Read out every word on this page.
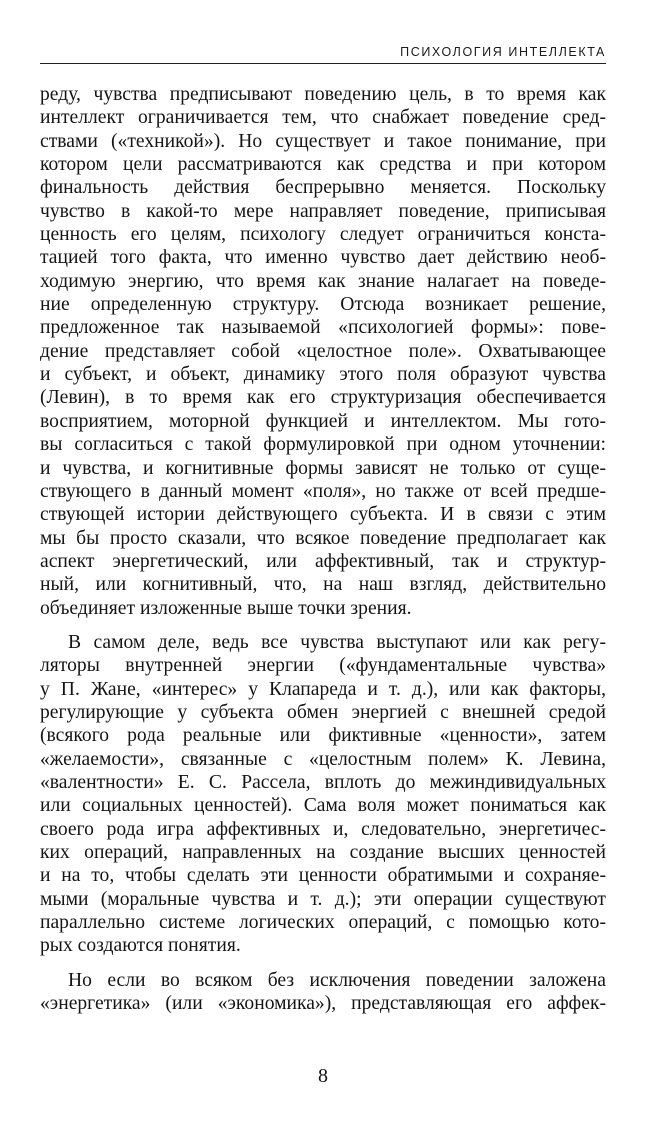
ПСИХОЛОГИЯ ИНТЕЛЛЕКТА
реду, чувства предписывают поведению цель, в то время как
интеллект ограничивается тем, что снабжает поведение сред-
ствами («техникой»). Но существует и такое понимание, при
котором цели рассматриваются как средства и при котором
финальность действия беспрерывно меняется. Поскольку
чувство в какой-то мере направляет поведение, приписывая
ценность его целям, психологу следует ограничиться конста-
тацией того факта, что именно чувство дает действию необ-
ходимую энергию, что время как знание налагает на поведе-
ние определенную структуру. Отсюда возникает решение,
предложенное так называемой «психологией формы»: пове-
дение представляет собой «целостное поле». Охватывающее
и субъект, и объект, динамику этого поля образуют чувства
(Левин), в то время как его структуризация обеспечивается
восприятием, моторной функцией и интеллектом. Мы гото-
вы согласиться с такой формулировкой при одном уточнении:
и чувства, и когнитивные формы зависят не только от суще-
ствующего в данный момент «поля», но также от всей предше-
ствующей истории действующего субъекта. И в связи с этим
мы бы просто сказали, что всякое поведение предполагает как
аспект энергетический, или аффективный, так и структур-
ный, или когнитивный, что, на наш взгляд, действительно
объединяет изложенные выше точки зрения.
В самом деле, ведь все чувства выступают или как регу-
ляторы внутренней энергии («фундаментальные чувства»
у П. Жане, «интерес» у Клапареда и т. д.), или как факторы,
регулирующие у субъекта обмен энергией с внешней средой
(всякого рода реальные или фиктивные «ценности», затем
«желаемости», связанные с «целостным полем» К. Левина,
«валентности» Е. С. Рассела, вплоть до межиндивидуальных
или социальных ценностей). Сама воля может пониматься как
своего рода игра аффективных и, следовательно, энергетичес-
ких операций, направленных на создание высших ценностей
и на то, чтобы сделать эти ценности обратимыми и сохраняе-
мыми (моральные чувства и т. д.); эти операции существуют
параллельно системе логических операций, с помощью кото-
рых создаются понятия.
Но если во всяком без исключения поведении заложена
«энергетика» (или «экономика»), представляющая его аффек-
8
